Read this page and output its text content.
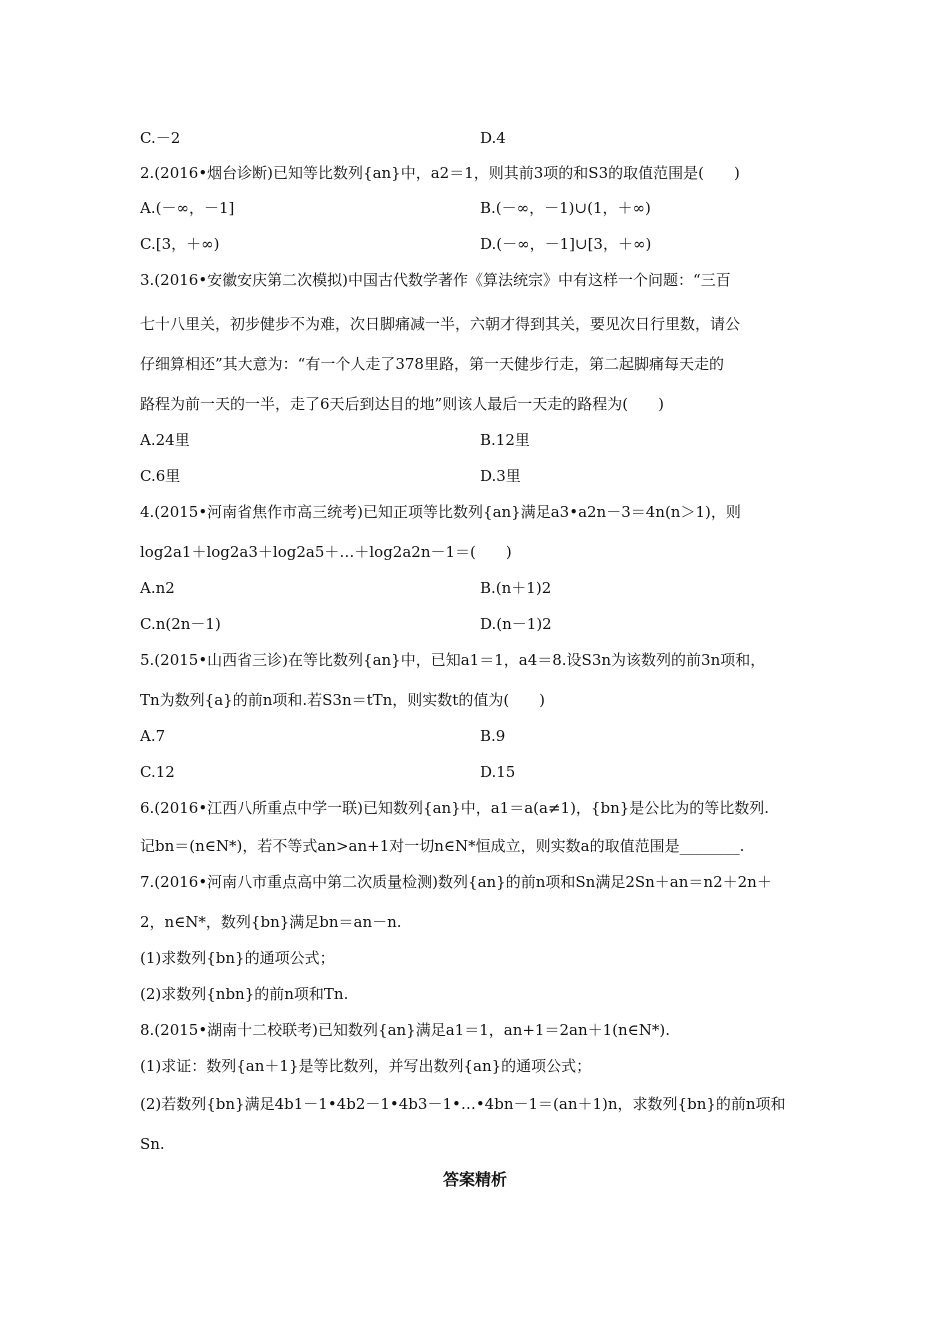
C.－2	D.4
2.(2016•烟台诊断)已知等比数列{an}中，a2＝1，则其前3项的和S3的取值范围是(　　)
A.(－∞，－1]	B.(－∞，－1)∪(1，＋∞)
C.[3，＋∞)	D.(－∞，－1]∪[3，＋∞)
3.(2016•安徽安庆第二次模拟)中国古代数学著作《算法统宗》中有这样一个问题：“三百
七十八里关，初步健步不为难，次日脚痛减一半，六朝才得到其关，要见次日行里数，请公
仔细算相还”其大意为：“有一个人走了378里路，第一天健步行走，第二起脚痛每天走的
路程为前一天的一半，走了6天后到达目的地”则该人最后一天走的路程为(　　)
A.24里	B.12里
C.6里	D.3里
4.(2015•河南省焦作市高三统考)已知正项等比数列{an}满足a3•a2n－3＝4n(n＞1)，则
log2a1＋log2a3＋log2a5＋…＋log2a2n－1＝(　　)
A.n2	B.(n＋1)2
C.n(2n－1)	D.(n－1)2
5.(2015•山西省三诊)在等比数列{an}中，已知a1＝1，a4＝8.设S3n为该数列的前3n项和，
Tn为数列{a}的前n项和.若S3n＝tTn，则实数t的值为(　　)
A.7	B.9
C.12	D.15
6.(2016•江西八所重点中学一联)已知数列{an}中，a1＝a(a≠1)，{bn}是公比为的等比数列.
记bn＝(n∈N*)，若不等式an>an+1对一切n∈N*恒成立，则实数a的取值范围是________.
7.(2016•河南八市重点高中第二次质量检测)数列{an}的前n项和Sn满足2Sn＋an＝n2＋2n＋
2，n∈N*，数列{bn}满足bn＝an－n.
(1)求数列{bn}的通项公式；
(2)求数列{nbn}的前n项和Tn.
8.(2015•湖南十二校联考)已知数列{an}满足a1＝1，an+1＝2an＋1(n∈N*).
(1)求证：数列{an＋1}是等比数列，并写出数列{an}的通项公式；
(2)若数列{bn}满足4b1－1•4b2－1•4b3－1•…•4bn－1＝(an＋1)n，求数列{bn}的前n项和
Sn.
答案精析
